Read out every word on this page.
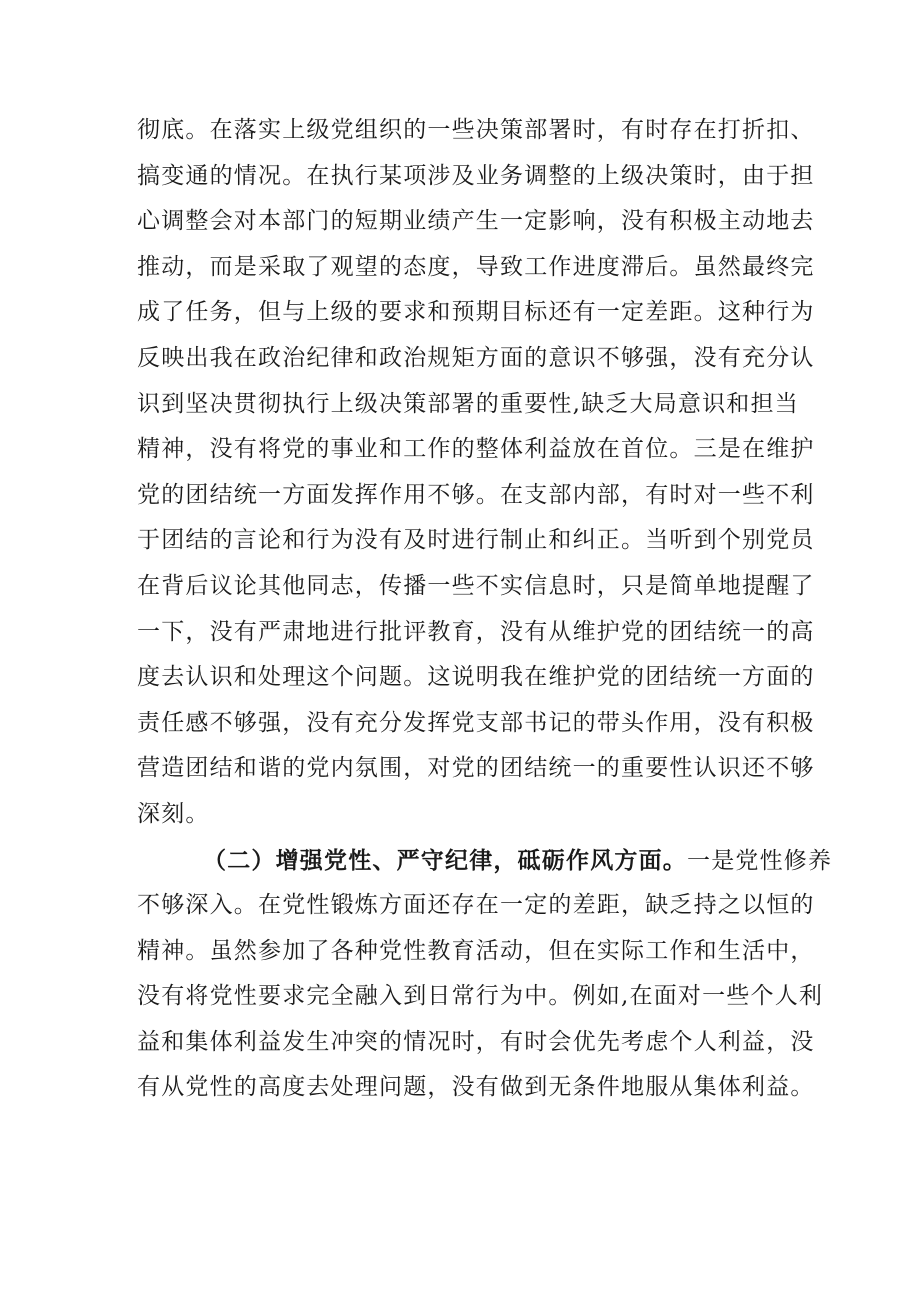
彻底。在落实上级党组织的一些决策部署时，有时存在打折扣、
搞变通的情况。在执行某项涉及业务调整的上级决策时，由于担
心调整会对本部门的短期业绩产生一定影响，没有积极主动地去
推动，而是采取了观望的态度，导致工作进度滞后。虽然最终完
成了任务，但与上级的要求和预期目标还有一定差距。这种行为
反映出我在政治纪律和政治规矩方面的意识不够强，没有充分认
识到坚决贯彻执行上级决策部署的重要性,缺乏大局意识和担当
精神，没有将党的事业和工作的整体利益放在首位。三是在维护
党的团结统一方面发挥作用不够。在支部内部，有时对一些不利
于团结的言论和行为没有及时进行制止和纠正。当听到个别党员
在背后议论其他同志，传播一些不实信息时，只是简单地提醒了
一下，没有严肃地进行批评教育，没有从维护党的团结统一的高
度去认识和处理这个问题。这说明我在维护党的团结统一方面的
责任感不够强，没有充分发挥党支部书记的带头作用，没有积极
营造团结和谐的党内氛围，对党的团结统一的重要性认识还不够
深刻。
（二）增强党性、严守纪律，砥砺作风方面。一是党性修养
不够深入。在党性锻炼方面还存在一定的差距，缺乏持之以恒的
精神。虽然参加了各种党性教育活动，但在实际工作和生活中，
没有将党性要求完全融入到日常行为中。例如,在面对一些个人利
益和集体利益发生冲突的情况时，有时会优先考虑个人利益，没
有从党性的高度去处理问题，没有做到无条件地服从集体利益。
